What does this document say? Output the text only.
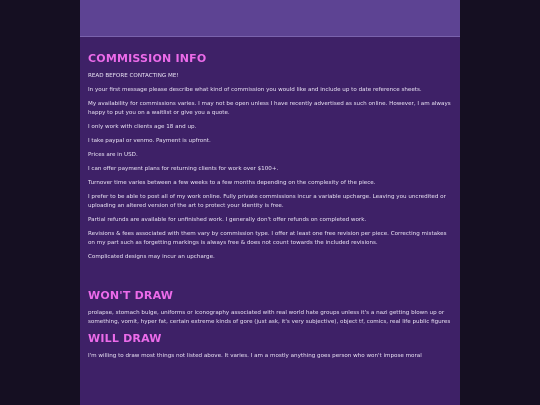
COMMISSION INFO

READ BEFORE CONTACTING ME!

In your first message please describe what kind of commission you would like and include up to date reference sheets.

My availability for commissions varies. I may not be open unless I have recently advertised as such online. However, I am always happy to put you on a waitlist or give you a quote.

I only work with clients age 18 and up.

I take paypal or venmo. Payment is upfront.

Prices are in USD.

I can offer payment plans for returning clients for work over $100+.

Turnover time varies between a few weeks to a few months depending on the complexity of the piece.

I prefer to be able to post all of my work online. Fully private commissions incur a variable upcharge. Leaving you uncredited or uploading an altered version of the art to protect your identity is free.

Partial refunds are available for unfinished work. I generally don't offer refunds on completed work.

Revisions & fees associated with them vary by commission type. I offer at least one free revision per piece. Correcting mistakes on my part such as forgetting markings is always free & does not count towards the included revisions.

Complicated designs may incur an upcharge.

WON'T DRAW

prolapse, stomach bulge, uniforms or iconography associated with real world hate groups unless it's a nazi getting blown up or something, vomit, hyper fat, certain extreme kinds of gore (just ask, it's very subjective), object tf, comics, real life public figures

WILL DRAW

I'm willing to draw most things not listed above. It varies. I am a mostly anything goes person who won't impose moral
